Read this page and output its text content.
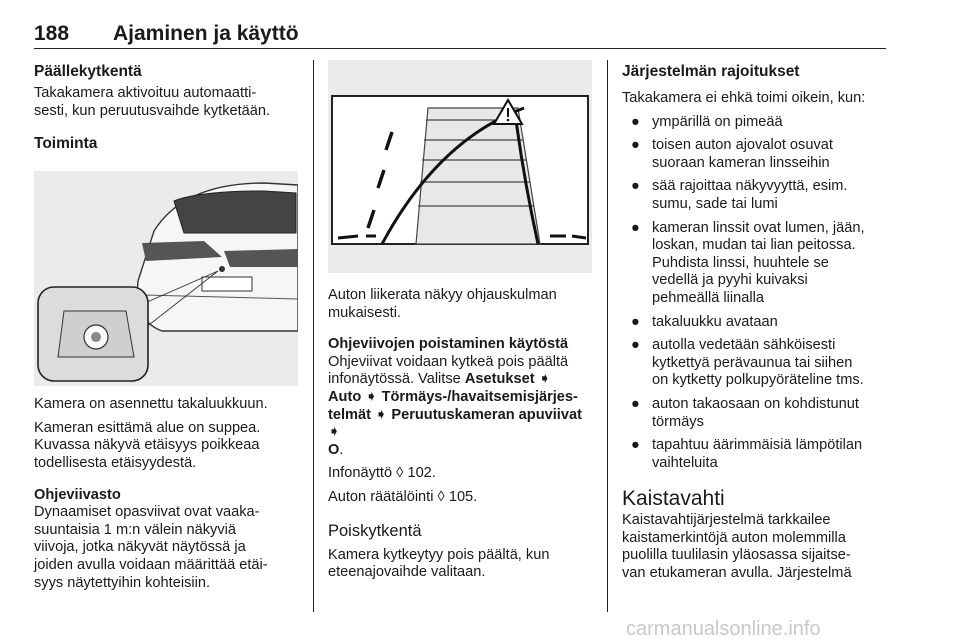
188 Ajaminen ja käyttö
Päällekytkentä

Takakamera aktivoituu automaatti-
sesti, kun peruutusvaihde kytketään.

Toiminta

Kamera on asennettu takaluukkuun.

Kameran esittämä alue on suppea.
Kuvassa näkyvä etäisyys poikkeaa
todellisesta etäisyydestä.

Ohjeviivasto

Dynaamiset opasviivat ovat vaaka-
suuntaisia 1 m:n välein näkyviä
viivoja, jotka näkyvät näytössä ja
joiden avulla voidaan määrittää etäi-
syys näytettyihin kohteisiin.

Auton liikerata näkyy ohjauskulman
mukaisesti.

Ohjeviivojen poistaminen käytöstä

Ohjeviivat voidaan kytkeä pois päältä
infonäytössä. Valitse Asetukset ➧
Auto ➧ Törmäys-/havaitsemisjärjes-
telmät ➧ Peruutuskameran apuviivat ➧
O.

Infonäyttö ◊ 102.

Auton räätälöinti ◊ 105.

Poiskytkentä

Kamera kytkeytyy pois päältä, kun
eteenajovaihde valitaan.

Järjestelmän rajoitukset

Takakamera ei ehkä toimi oikein, kun:

● ympärillä on pimeää
● toisen auton ajovalot osuvat
suoraan kameran linsseihin
● sää rajoittaa näkyvyyttä, esim.
sumu, sade tai lumi
● kameran linssit ovat lumen, jään,
loskan, mudan tai lian peitossa.
Puhdista linssi, huuhtele se
vedellä ja pyyhi kuivaksi
pehmeällä liinalla
● takaluukku avataan
● autolla vedetään sähköisesti
kytkettyä perävaunua tai siihen
on kytketty polkupyöräteline tms.
● auton takaosaan on kohdistunut
törmäys
● tapahtuu äärimmäisiä lämpötilan
vaihteluita
Kaistavahti

Kaistavahtijärjestelmä tarkkailee
kaistamerkintöjä auton molemmilla
puolilla tuulilasin yläosassa sijaitse-
van etukameran avulla. Järjestelmä

carmanualsonline.info
